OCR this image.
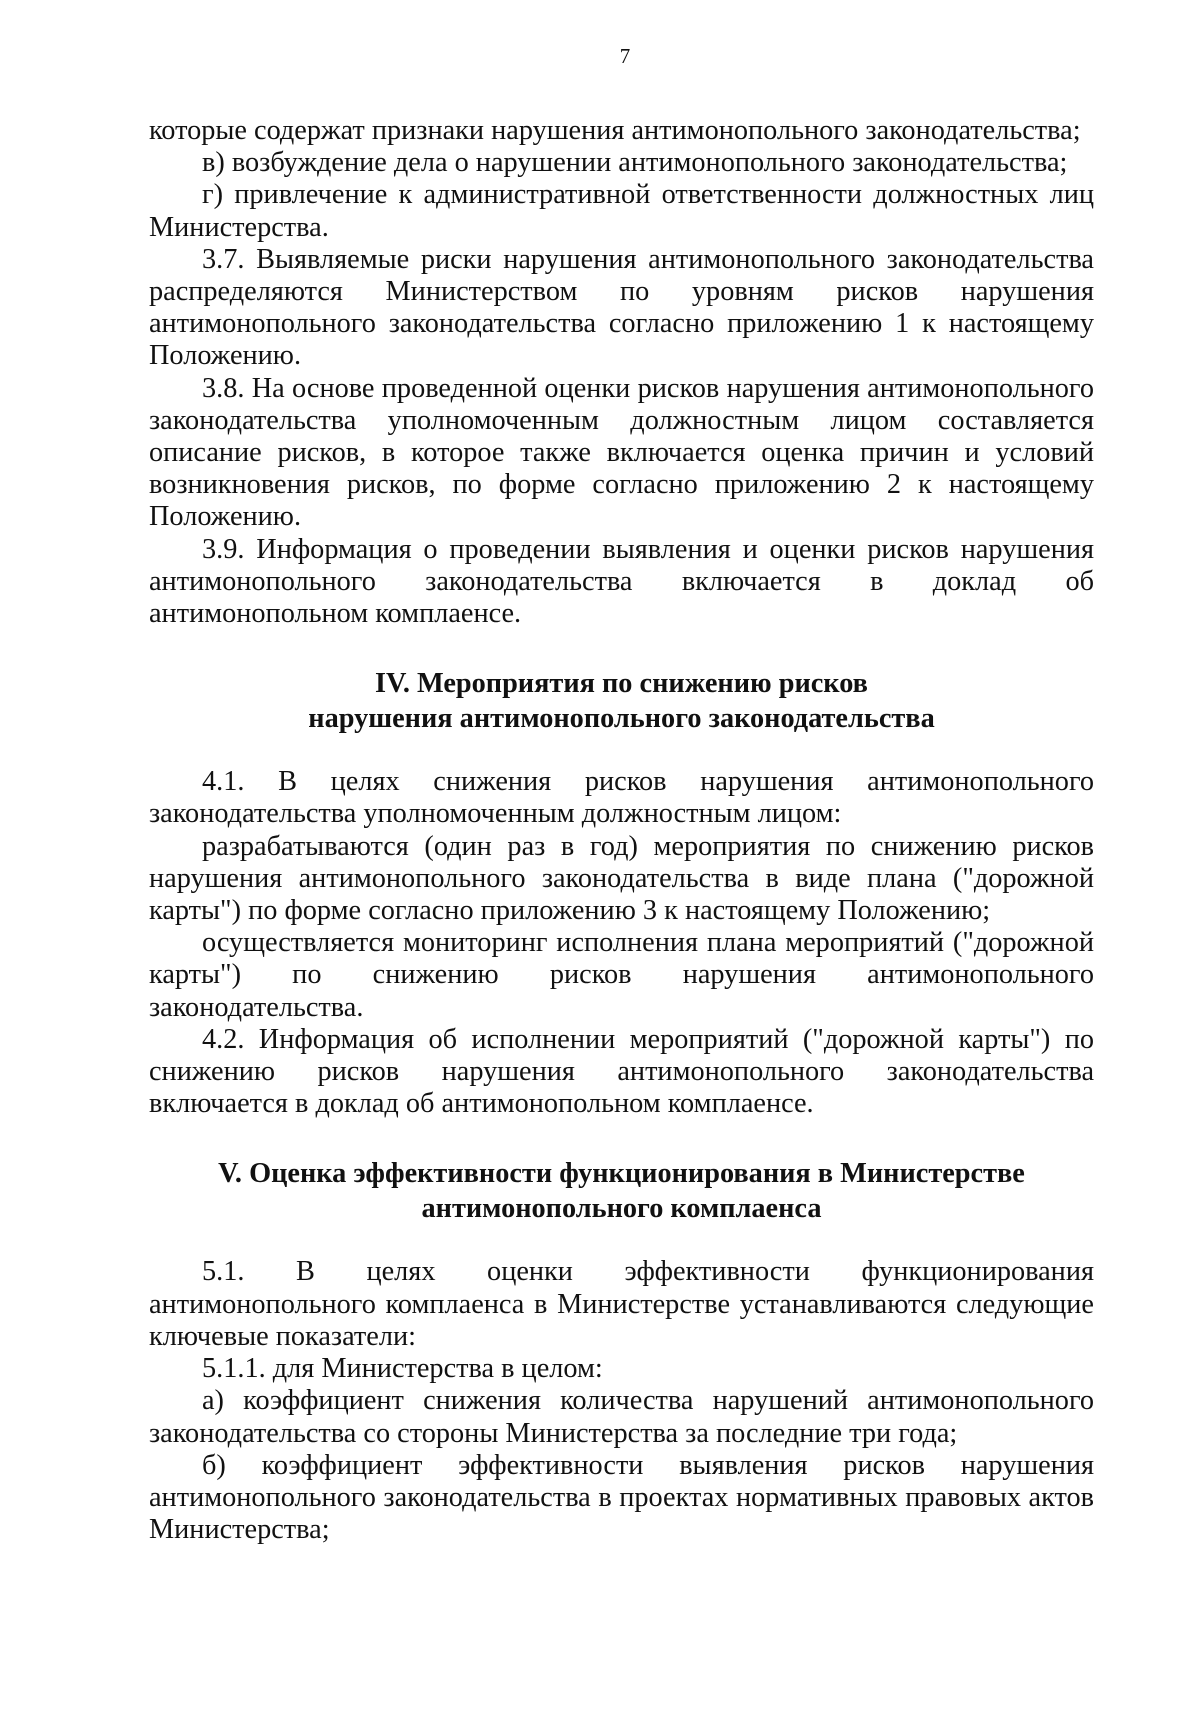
7

которые содержат признаки нарушения антимонопольного законодательства;

в) возбуждение дела о нарушении антимонопольного законодательства;

г) привлечение к административной ответственности должностных лиц Министерства.

3.7. Выявляемые риски нарушения антимонопольного законодательства распределяются Министерством по уровням рисков нарушения антимонопольного законодательства согласно приложению 1 к настоящему Положению.

3.8. На основе проведенной оценки рисков нарушения антимонопольного законодательства уполномоченным должностным лицом составляется описание рисков, в которое также включается оценка причин и условий возникновения рисков, по форме согласно приложению 2 к настоящему Положению.

3.9. Информация о проведении выявления и оценки рисков нарушения антимонопольного законодательства включается в доклад об антимонопольном комплаенсе.

IV. Мероприятия по снижению рисков
нарушения антимонопольного законодательства

4.1. В целях снижения рисков нарушения антимонопольного законодательства уполномоченным должностным лицом:

разрабатываются (один раз в год) мероприятия по снижению рисков нарушения антимонопольного законодательства в виде плана ("дорожной карты") по форме согласно приложению 3 к настоящему Положению;

осуществляется мониторинг исполнения плана мероприятий ("дорожной карты") по снижению рисков нарушения антимонопольного законодательства.

4.2. Информация об исполнении мероприятий ("дорожной карты") по снижению рисков нарушения антимонопольного законодательства включается в доклад об антимонопольном комплаенсе.

V. Оценка эффективности функционирования в Министерстве
антимонопольного комплаенса

5.1. В целях оценки эффективности функционирования антимонопольного комплаенса в Министерстве устанавливаются следующие ключевые показатели:

5.1.1. для Министерства в целом:

а) коэффициент снижения количества нарушений антимонопольного законодательства со стороны Министерства за последние три года;

б) коэффициент эффективности выявления рисков нарушения антимонопольного законодательства в проектах нормативных правовых актов Министерства;
